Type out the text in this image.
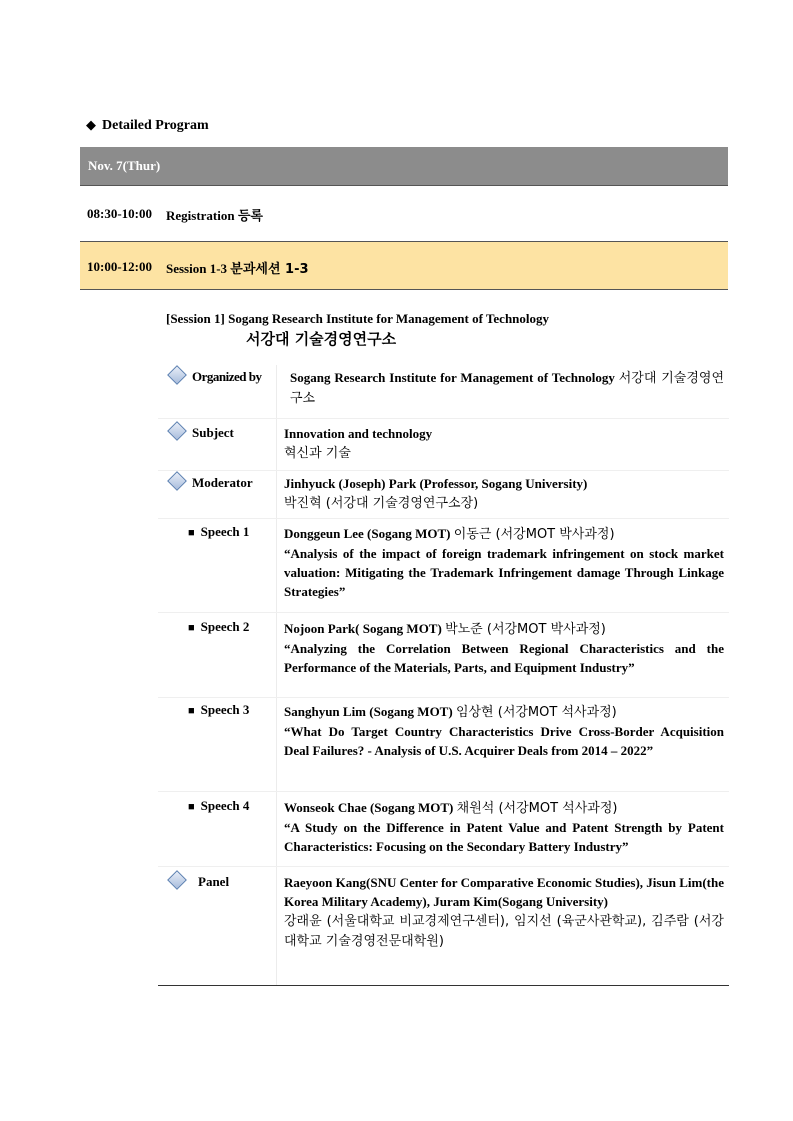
◆ Detailed Program
Nov. 7(Thur)
08:30-10:00 Registration 등록
10:00-12:00 Session 1-3 분과세션 1-3
[Session 1] Sogang Research Institute for Management of Technology
서강대 기술경영연구소
Organized by Sogang Research Institute for Management of Technology 서강대 기술경영연구소
Subject	Innovation and technology
혁신과 기술
Moderator Jinhyuck (Joseph) Park (Professor, Sogang University)
박진혁 (서강대 기술경영연구소장)
■ Speech 1	Donggeun Lee (Sogang MOT) 이동근 (서강MOT 박사과정)
“Analysis of the impact of foreign trademark infringement on stock market valuation: Mitigating the Trademark Infringement damage Through Linkage Strategies”
■ Speech 2	Nojoon Park( Sogang MOT) 박노준 (서강MOT 박사과정)
“Analyzing the Correlation Between Regional Characteristics and the Performance of the Materials, Parts, and Equipment Industry”
■ Speech 3	Sanghyun Lim (Sogang MOT) 임상현 (서강MOT 석사과정)
“What Do Target Country Characteristics Drive Cross-Border Acquisition Deal Failures? - Analysis of U.S. Acquirer Deals from 2014 – 2022”
■ Speech 4	Wonseok Chae (Sogang MOT) 채원석 (서강MOT 석사과정)
“A Study on the Difference in Patent Value and Patent Strength by Patent Characteristics: Focusing on the Secondary Battery Industry”
Panel	Raeyoon Kang(SNU Center for Comparative Economic Studies), Jisun Lim(the Korea Military Academy), Juram Kim(Sogang University)
강래윤 (서울대학교 비교경제연구센터), 임지선 (육군사관학교), 김주람 (서강대학교 기술경영전문대학원)
